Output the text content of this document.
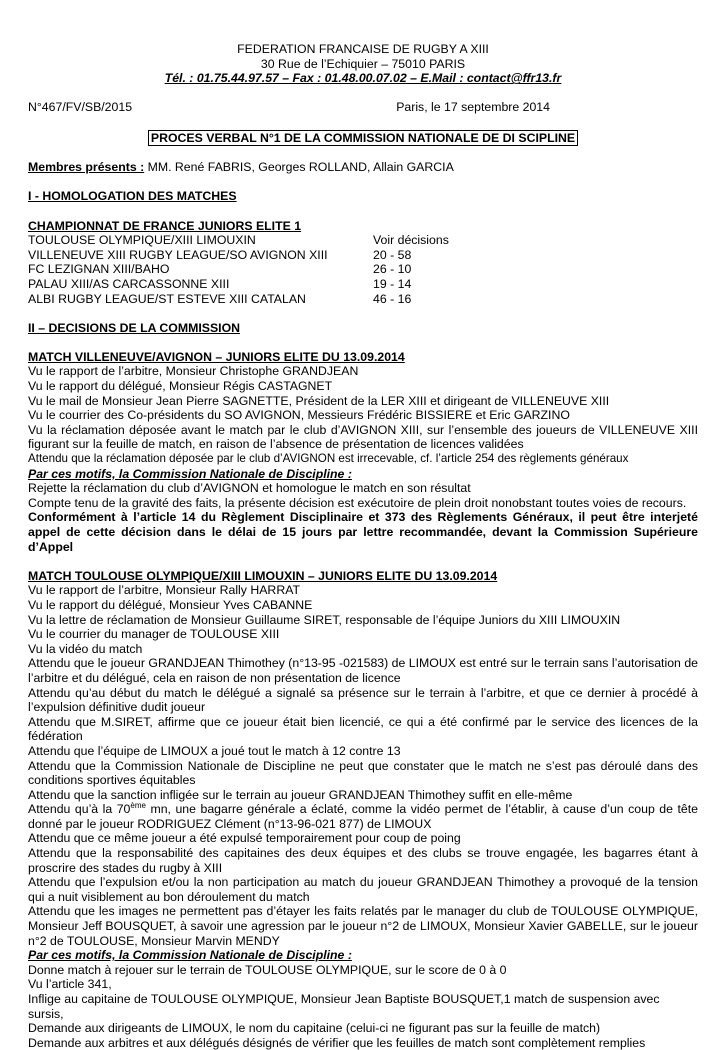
FEDERATION FRANCAISE DE RUGBY A XIII
30 Rue de l’Echiquier – 75010 PARIS
Tél. : 01.75.44.97.57 – Fax : 01.48.00.07.02 – E.Mail : contact@ffr13.fr
N°467/FV/SB/2015	Paris, le 17 septembre 2014
PROCES VERBAL N°1 DE LA COMMISSION NATIONALE DE DI SCIPLINE
Membres présents : MM. René FABRIS, Georges ROLLAND, Allain GARCIA
I - HOMOLOGATION DES MATCHES
CHAMPIONNAT DE FRANCE JUNIORS ELITE 1
TOULOUSE OLYMPIQUE/XIII LIMOUXIN	Voir décisions
VILLENEUVE XIII RUGBY LEAGUE/SO AVIGNON XIII	20 - 58
FC LEZIGNAN XIII/BAHO	26 - 10
PALAU XIII/AS CARCASSONNE XIII	19 - 14
ALBI RUGBY LEAGUE/ST ESTEVE XIII CATALAN	46 - 16
II – DECISIONS DE LA COMMISSION
MATCH VILLENEUVE/AVIGNON – JUNIORS ELITE DU 13.09.2014
Vu le rapport de l’arbitre, Monsieur Christophe GRANDJEAN
Vu le rapport du délégué, Monsieur Régis CASTAGNET
Vu le mail de Monsieur Jean Pierre SAGNETTE, Président de la LER XIII et dirigeant de VILLENEUVE XIII
Vu le courrier des Co-présidents du SO AVIGNON, Messieurs Frédéric BISSIERE et Eric GARZINO
Vu la réclamation déposée avant le match par le club d’AVIGNON XIII, sur l’ensemble des joueurs de VILLENEUVE XIII figurant sur la feuille de match, en raison de l’absence de présentation de licences validées
Attendu que la réclamation déposée par le club d’AVIGNON est irrecevable, cf. l’article 254 des règlements généraux
Par ces motifs, la Commission Nationale de Discipline :
Rejette la réclamation du club d’AVIGNON et homologue le match en son résultat
Compte tenu de la gravité des faits, la présente décision est exécutoire de plein droit nonobstant toutes voies de recours.
Conformément à l’article 14 du Règlement Disciplinaire et 373 des Règlements Généraux, il peut être interjeté appel de cette décision dans le délai de 15 jours par lettre recommandée, devant la Commission Supérieure d’Appel
MATCH TOULOUSE OLYMPIQUE/XIII LIMOUXIN – JUNIORS ELITE DU 13.09.2014
Vu le rapport de l’arbitre, Monsieur Rally HARRAT
Vu le rapport du délégué, Monsieur Yves CABANNE
Vu la lettre de réclamation de Monsieur Guillaume SIRET, responsable de l’équipe Juniors du XIII LIMOUXIN
Vu le courrier du manager de TOULOUSE XIII
Vu la vidéo du match
Attendu que le joueur GRANDJEAN Thimothey (n°13-95 -021583) de LIMOUX est entré sur le terrain sans l’autorisation de l’arbitre et du délégué, cela en raison de non présentation de licence
Attendu qu’au début du match le délégué a signalé sa présence sur le terrain à l’arbitre, et que ce dernier à procédé à l’expulsion définitive dudit joueur
Attendu que M.SIRET, affirme que ce joueur était bien licencié, ce qui a été confirmé par le service des licences de la fédération
Attendu que l’équipe de LIMOUX a joué tout le match à 12 contre 13
Attendu que la Commission Nationale de Discipline ne peut que constater que le match ne s’est pas déroulé dans des conditions sportives équitables
Attendu que la sanction infligée sur le terrain au joueur GRANDJEAN Thimothey suffit en elle-même
Attendu qu’à la 70ème mn, une bagarre générale a éclaté, comme la vidéo permet de l’établir, à cause d’un coup de tête donné par le joueur RODRIGUEZ Clément (n°13-96-021 877) de LIMOUX
Attendu que ce même joueur a été expulsé temporairement pour coup de poing
Attendu que la responsabilité des capitaines des deux équipes et des clubs se trouve engagée, les bagarres étant à proscrire des stades du rugby à XIII
Attendu que l’expulsion et/ou la non participation au match du joueur GRANDJEAN Thimothey a provoqué de la tension qui a nuit visiblement au bon déroulement du match
Attendu que les images ne permettent pas d’étayer les faits relatés par le manager du club de TOULOUSE OLYMPIQUE, Monsieur Jeff BOUSQUET, à savoir une agression par le joueur n°2 de LIMOUX, Monsieur Xavier GABELLE, sur le joueur n°2 de TOULOUSE, Monsieur Marvin MENDY
Par ces motifs, la Commission Nationale de Discipline :
Donne match à rejouer sur le terrain de TOULOUSE OLYMPIQUE, sur le score de 0 à 0
Vu l’article 341,
Inflige au capitaine de TOULOUSE OLYMPIQUE, Monsieur Jean Baptiste BOUSQUET,1 match de suspension avec sursis,
Demande aux dirigeants de LIMOUX, le nom du capitaine (celui-ci ne figurant pas sur la feuille de match)
Demande aux arbitres et aux délégués désignés de vérifier que les feuilles de match sont complètement remplies
